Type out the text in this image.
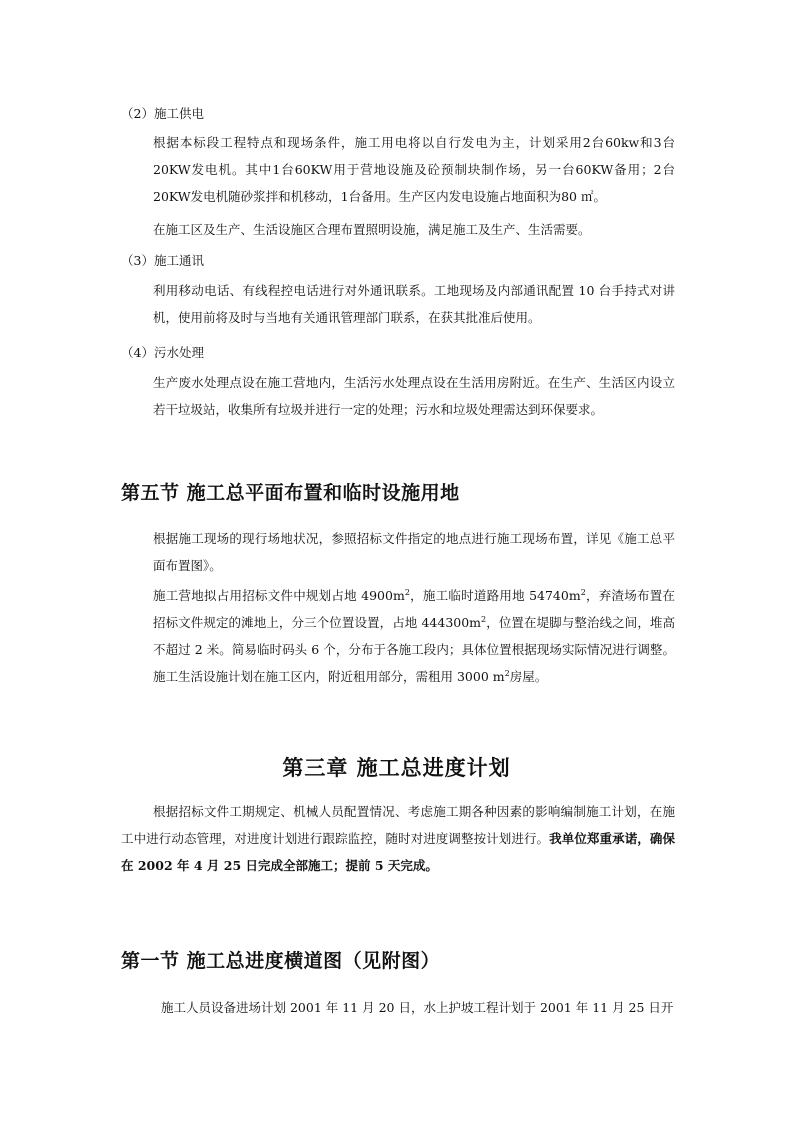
（2）施工供电
根据本标段工程特点和现场条件，施工用电将以自行发电为主，计划采用2台60kw和3台20KW发电机。其中1台60KW用于营地设施及砼预制块制作场，另一台60KW备用；2台20KW发电机随砂浆拌和机移动，1台备用。生产区内发电设施占地面积为80 ㎡。
在施工区及生产、生活设施区合理布置照明设施，满足施工及生产、生活需要。
（3）施工通讯
利用移动电话、有线程控电话进行对外通讯联系。工地现场及内部通讯配置 10 台手持式对讲机，使用前将及时与当地有关通讯管理部门联系，在获其批准后使用。
（4）污水处理
生产废水处理点设在施工营地内，生活污水处理点设在生活用房附近。在生产、生活区内设立若干垃圾站，收集所有垃圾并进行一定的处理；污水和垃圾处理需达到环保要求。
第五节 施工总平面布置和临时设施用地
根据施工现场的现行场地状况，参照招标文件指定的地点进行施工现场布置，详见《施工总平面布置图》。
施工营地拟占用招标文件中规划占地 $4900m^2$，施工临时道路用地 $54740m^2$，弃渣场布置在招标文件规定的滩地上，分三个位置设置，占地 $444300m^2$，位置在堤脚与整治线之间，堆高不超过 2 米。简易临时码头 6 个，分布于各施工段内；具体位置根据现场实际情况进行调整。施工生活设施计划在施工区内，附近租用部分，需租用 3000 $m^2$房屋。
第三章 施工总进度计划
根据招标文件工期规定、机械人员配置情况、考虑施工期各种因素的影响编制施工计划，在施工中进行动态管理，对进度计划进行跟踪监控，随时对进度调整按计划进行。我单位郑重承诺，确保在 2002 年 4 月 25 日完成全部施工；提前 5 天完成。
第一节 施工总进度横道图（见附图）
施工人员设备进场计划 2001 年 11 月 20 日，水上护坡工程计划于 2001 年 11 月 25 日开
